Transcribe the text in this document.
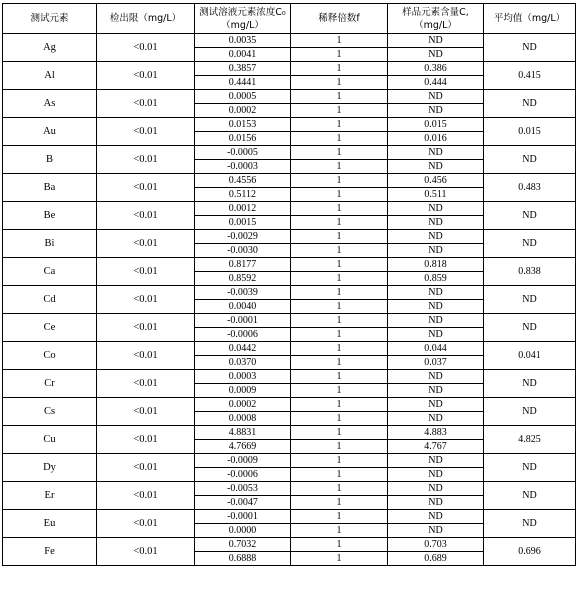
测试元素	检出限（mg/L）	测试溶液元素浓度C₀（mg/L）	稀释倍数f	样品元素含量C,（mg/L）	平均值（mg/L）
Ag	<0.01	0.0035	1	ND	ND
		0.0041	1	ND	
Al	<0.01	0.3857	1	0.386	0.415
		0.4441	1	0.444	
As	<0.01	0.0005	1	ND	ND
		0.0002	1	ND	
Au	<0.01	0.0153	1	0.015	0.015
		0.0156	1	0.016	
B	<0.01	-0.0005	1	ND	ND
		-0.0003	1	ND	
Ba	<0.01	0.4556	1	0.456	0.483
		0.5112	1	0.511	
Be	<0.01	0.0012	1	ND	ND
		0.0015	1	ND	
Bi	<0.01	-0.0029	1	ND	ND
		-0.0030	1	ND	
Ca	<0.01	0.8177	1	0.818	0.838
		0.8592	1	0.859	
Cd	<0.01	-0.0039	1	ND	ND
		0.0040	1	ND	
Ce	<0.01	-0.0001	1	ND	ND
		-0.0006	1	ND	
Co	<0.01	0.0442	1	0.044	0.041
		0.0370	1	0.037	
Cr	<0.01	0.0003	1	ND	ND
		0.0009	1	ND	
Cs	<0.01	0.0002	1	ND	ND
		0.0008	1	ND	
Cu	<0.01	4.8831	1	4.883	4.825
		4.7669	1	4.767	
Dy	<0.01	-0.0009	1	ND	ND
		-0.0006	1	ND	
Er	<0.01	-0.0053	1	ND	ND
		-0.0047	1	ND	
Eu	<0.01	-0.0001	1	ND	ND
		0.0000	1	ND	
Fe	<0.01	0.7032	1	0.703	0.696
		0.6888	1	0.689	
